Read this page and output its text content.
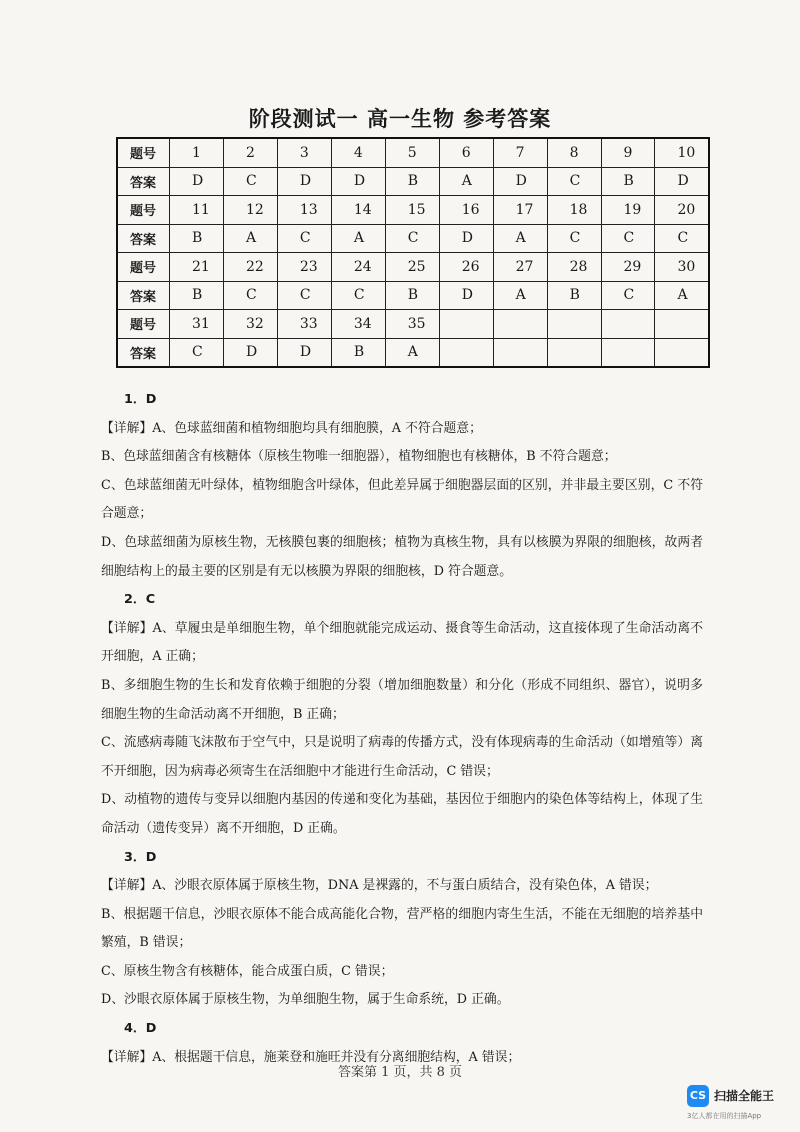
阶段测试一 高一生物 参考答案
题号	1	2	3	4	5	6	7	8	9	10
答案	D	C	D	D	B	A	D	C	B	D
题号	11	12	13	14	15	16	17	18	19	20
答案	B	A	C	A	C	D	A	C	C	C
题号	21	22	23	24	25	26	27	28	29	30
答案	B	C	C	C	B	D	A	B	C	A
题号	31	32	33	34	35					
答案	C	D	D	B	A					

1．D

【详解】A、色球蓝细菌和植物细胞均具有细胞膜，A 不符合题意；

B、色球蓝细菌含有核糖体（原核生物唯一细胞器），植物细胞也有核糖体，B 不符合题意；

C、色球蓝细菌无叶绿体，植物细胞含叶绿体，但此差异属于细胞器层面的区别，并非最主要区别，C 不符合题意；

D、色球蓝细菌为原核生物，无核膜包裹的细胞核；植物为真核生物，具有以核膜为界限的细胞核，故两者细胞结构上的最主要的区别是有无以核膜为界限的细胞核，D 符合题意。

2．C

【详解】A、草履虫是单细胞生物，单个细胞就能完成运动、摄食等生命活动，这直接体现了生命活动离不开细胞，A 正确；

B、多细胞生物的生长和发育依赖于细胞的分裂（增加细胞数量）和分化（形成不同组织、器官），说明多细胞生物的生命活动离不开细胞，B 正确；

C、流感病毒随飞沫散布于空气中，只是说明了病毒的传播方式，没有体现病毒的生命活动（如增殖等）离不开细胞，因为病毒必须寄生在活细胞中才能进行生命活动，C 错误；

D、动植物的遗传与变异以细胞内基因的传递和变化为基础，基因位于细胞内的染色体等结构上，体现了生命活动（遗传变异）离不开细胞，D 正确。

3．D

【详解】A、沙眼衣原体属于原核生物，DNA 是裸露的，不与蛋白质结合，没有染色体，A 错误；

B、根据题干信息，沙眼衣原体不能合成高能化合物，营严格的细胞内寄生生活，不能在无细胞的培养基中繁殖，B 错误；

C、原核生物含有核糖体，能合成蛋白质，C 错误；

D、沙眼衣原体属于原核生物，为单细胞生物，属于生命系统，D 正确。

4．D

【详解】A、根据题干信息，施莱登和施旺并没有分离细胞结构，A 错误；

答案第 1 页，共 8 页
CS 扫描全能王
3亿人都在用的扫描App
